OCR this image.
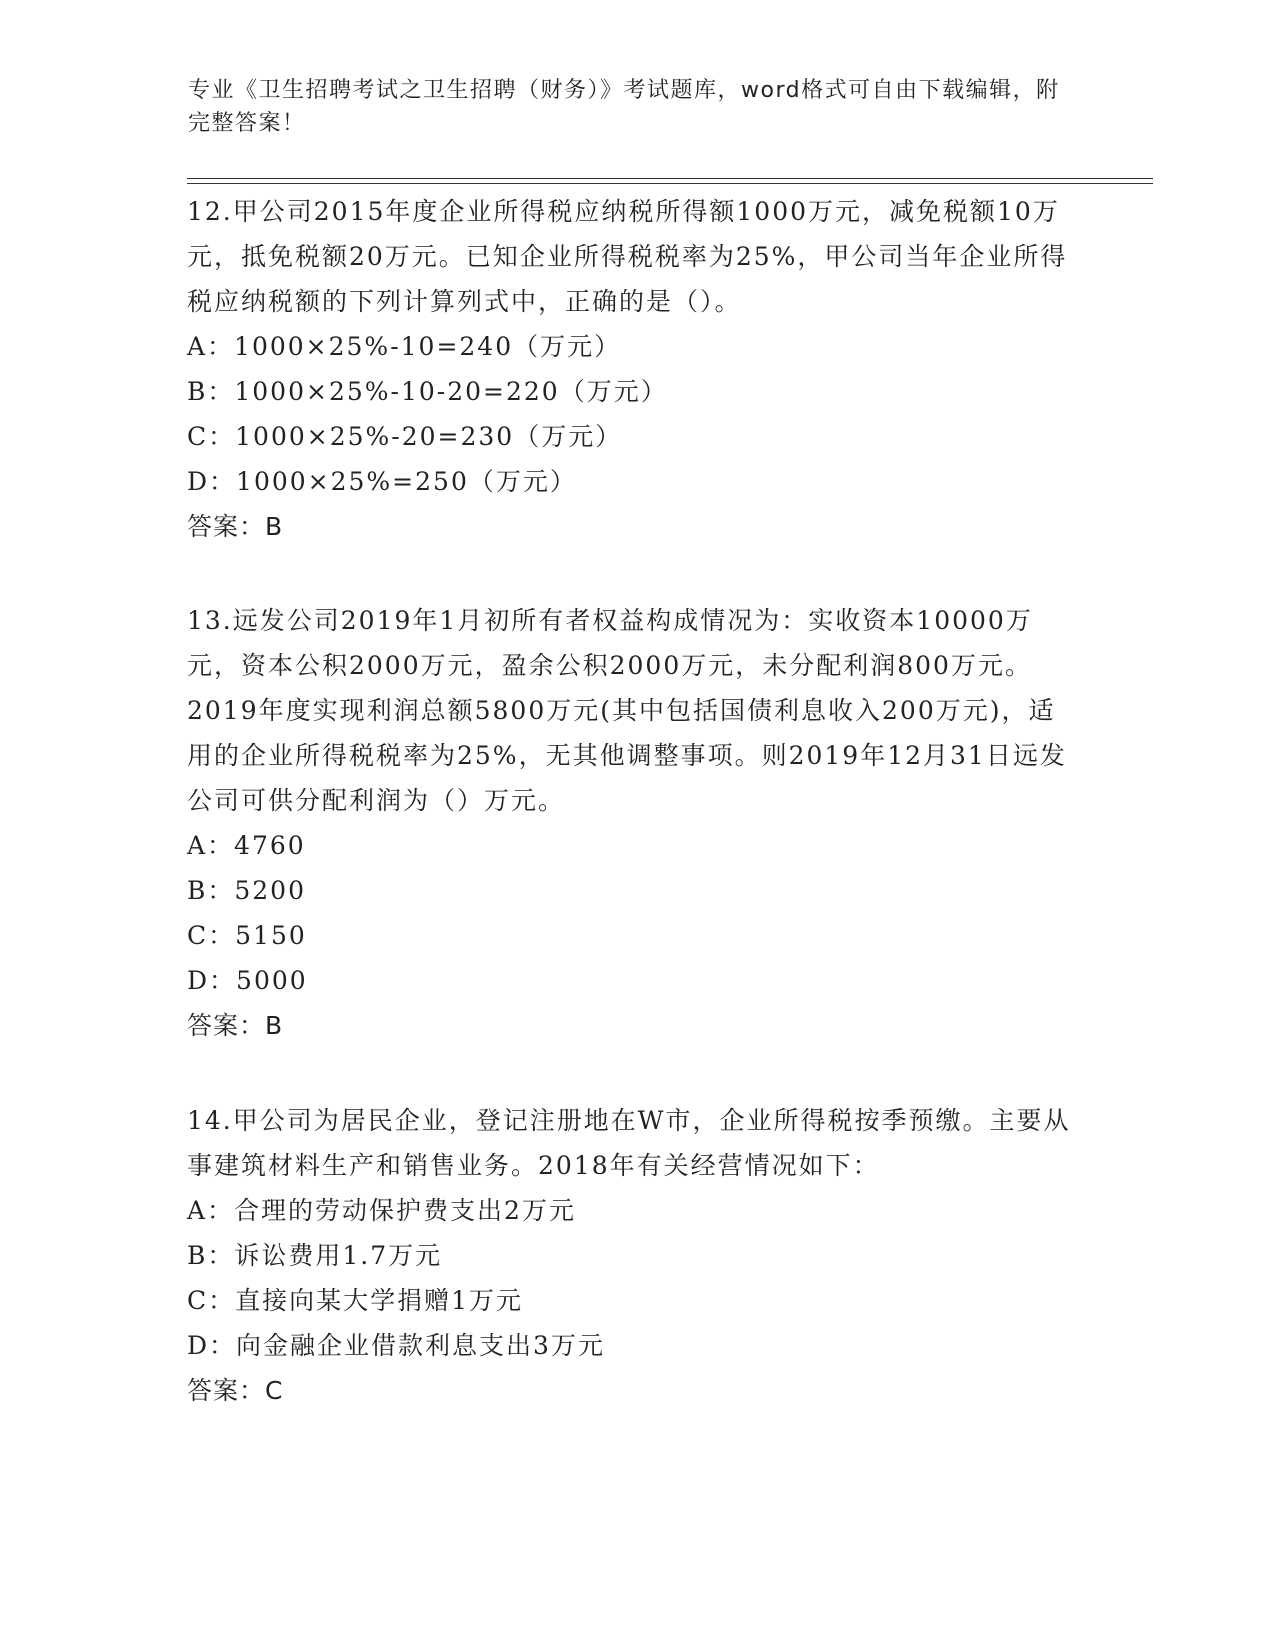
专业《卫生招聘考试之卫生招聘（财务）》考试题库，word格式可自由下载编辑，附完整答案！
12.甲公司2015年度企业所得税应纳税所得额1000万元，减免税额10万元，抵免税额20万元。已知企业所得税税率为25%，甲公司当年企业所得税应纳税额的下列计算列式中，正确的是（）。
A：1000×25%-10=240（万元）
B：1000×25%-10-20=220（万元）
C：1000×25%-20=230（万元）
D：1000×25%=250（万元）
答案：B
13.远发公司2019年1月初所有者权益构成情况为：实收资本10000万元，资本公积2000万元，盈余公积2000万元，未分配利润800万元。2019年度实现利润总额5800万元(其中包括国债利息收入200万元)，适用的企业所得税税率为25%，无其他调整事项。则2019年12月31日远发公司可供分配利润为（）万元。
A：4760
B：5200
C：5150
D：5000
答案：B
14.甲公司为居民企业，登记注册地在W市，企业所得税按季预缴。主要从事建筑材料生产和销售业务。2018年有关经营情况如下：
A：合理的劳动保护费支出2万元
B：诉讼费用1.7万元
C：直接向某大学捐赠1万元
D：向金融企业借款利息支出3万元
答案：C
